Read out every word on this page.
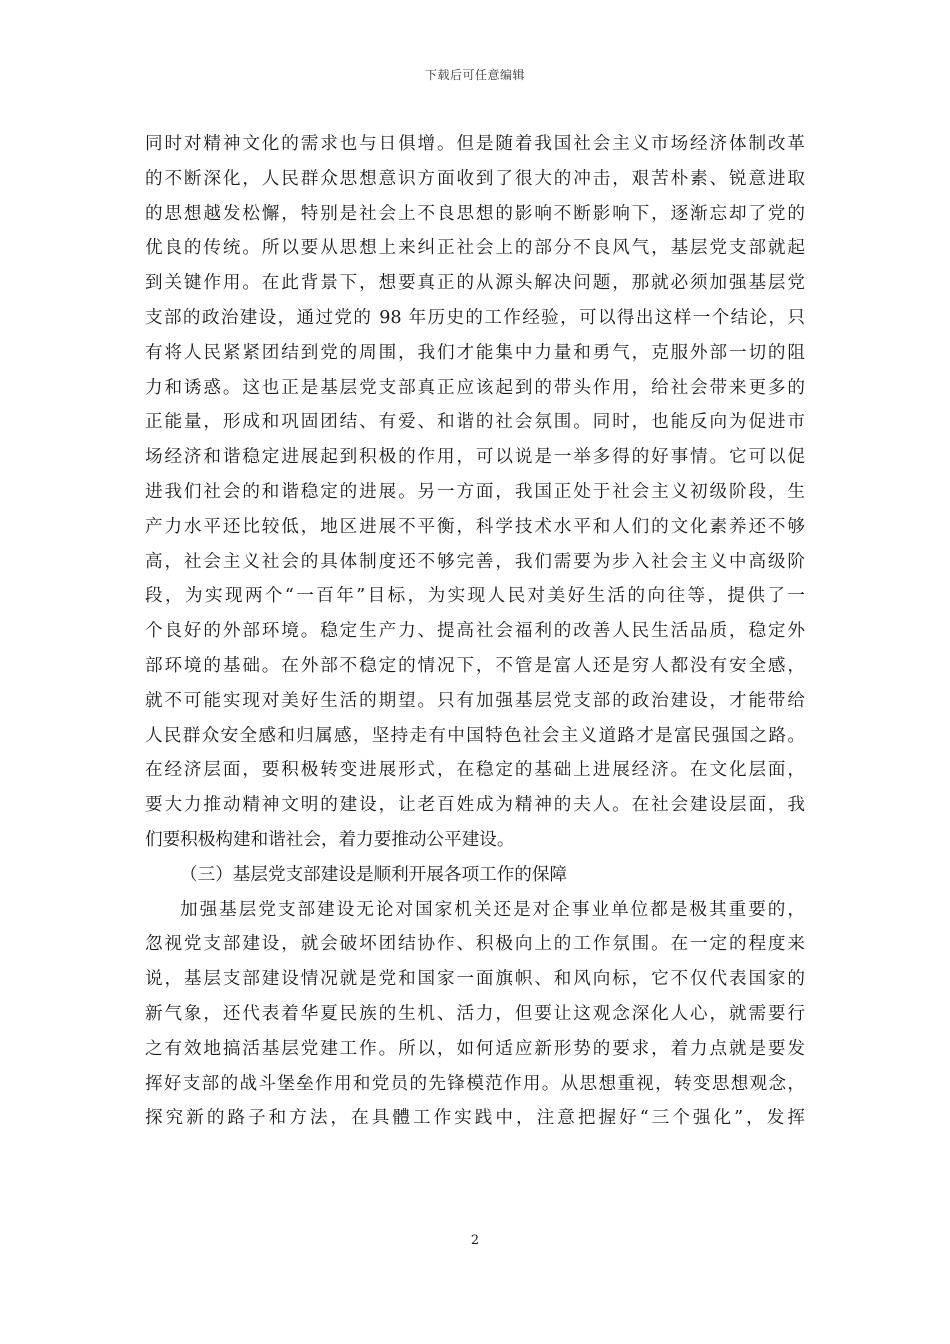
下载后可任意编辑
同时对精神文化的需求也与日俱增。但是随着我国社会主义市场经济体制改革
的不断深化，人民群众思想意识方面收到了很大的冲击，艰苦朴素、锐意进取
的思想越发松懈，特别是社会上不良思想的影响不断影响下，逐渐忘却了党的
优良的传统。所以要从思想上来纠正社会上的部分不良风气，基层党支部就起
到关键作用。在此背景下，想要真正的从源头解决问题，那就必须加强基层党
支部的政治建设，通过党的 98 年历史的工作经验，可以得出这样一个结论，只
有将人民紧紧团结到党的周围，我们才能集中力量和勇气，克服外部一切的阻
力和诱惑。这也正是基层党支部真正应该起到的带头作用，给社会带来更多的
正能量，形成和巩固团结、有爱、和谐的社会氛围。同时，也能反向为促进市
场经济和谐稳定进展起到积极的作用，可以说是一举多得的好事情。它可以促
进我们社会的和谐稳定的进展。另一方面，我国正处于社会主义初级阶段，生
产力水平还比较低，地区进展不平衡，科学技术水平和人们的文化素养还不够
高，社会主义社会的具体制度还不够完善，我们需要为步入社会主义中高级阶
段，为实现两个“一百年”目标，为实现人民对美好生活的向往等，提供了一
个良好的外部环境。稳定生产力、提高社会福利的改善人民生活品质，稳定外
部环境的基础。在外部不稳定的情况下，不管是富人还是穷人都没有安全感，
就不可能实现对美好生活的期望。只有加强基层党支部的政治建设，才能带给
人民群众安全感和归属感，坚持走有中国特色社会主义道路才是富民强国之路。
在经济层面，要积极转变进展形式，在稳定的基础上进展经济。在文化层面，
要大力推动精神文明的建设，让老百姓成为精神的夫人。在社会建设层面，我
们要积极构建和谐社会，着力要推动公平建设。
（三）基层党支部建设是顺利开展各项工作的保障
加强基层党支部建设无论对国家机关还是对企事业单位都是极其重要的，
忽视党支部建设，就会破坏团结协作、积极向上的工作氛围。在一定的程度来
说，基层支部建设情况就是党和国家一面旗帜、和风向标，它不仅代表国家的
新气象，还代表着华夏民族的生机、活力，但要让这观念深化人心，就需要行
之有效地搞活基层党建工作。所以，如何适应新形势的要求，着力点就是要发
挥好支部的战斗堡垒作用和党员的先锋模范作用。从思想重视，转变思想观念，
探究新的路子和方法，在具體工作实践中，注意把握好“三个强化”，发挥
2
